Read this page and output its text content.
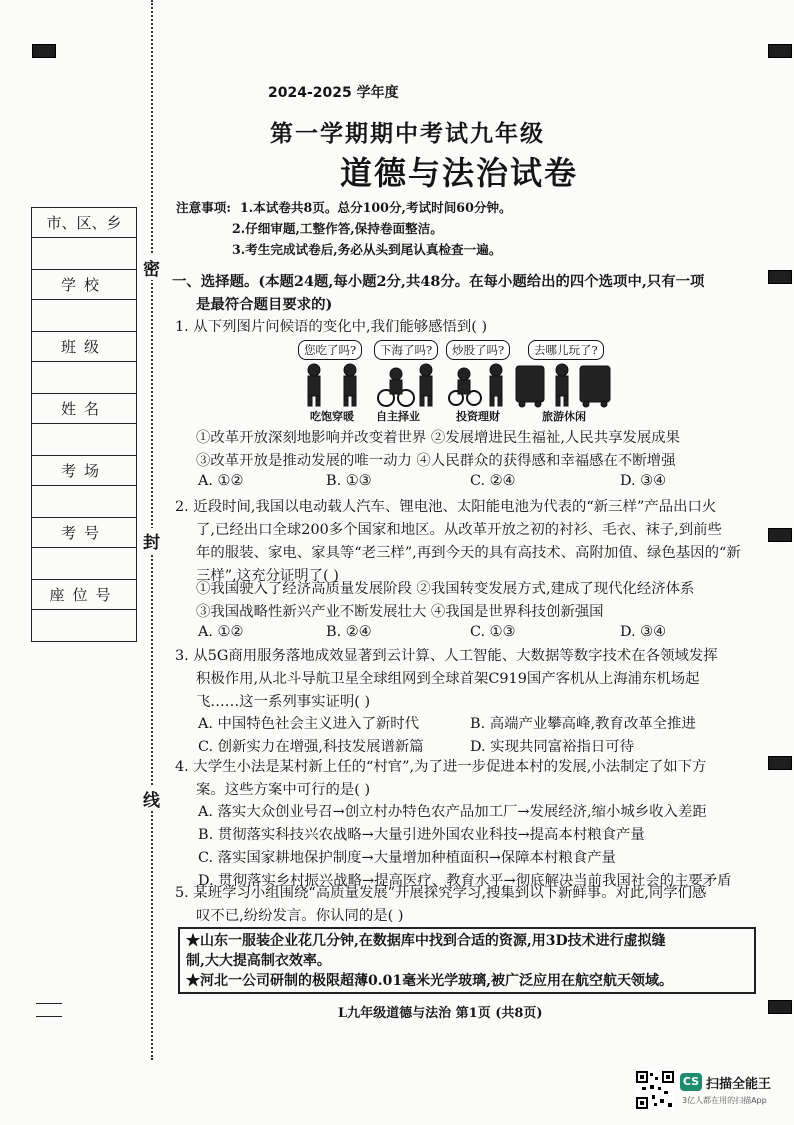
密
封
线
市、区、乡

学校

班级

姓名

考场

考号

座位号

2024-2025 学年度
第一学期期中考试九年级
道德与法治试卷
注意事项: 1.本试卷共8页。总分100分,考试时间60分钟。
2.仔细审题,工整作答,保持卷面整洁。
3.考生完成试卷后,务必从头到尾认真检查一遍。
一、选择题。(本题24题,每小题2分,共48分。在每小题给出的四个选项中,只有一项
是最符合题目要求的)
1. 从下列图片问候语的变化中,我们能够感悟到( )
您吃了吗?	下海了吗?	炒股了吗?	去哪儿玩了?
吃饱穿暖 自主择业	投资理财	旅游休闲
①改革开放深刻地影响并改变着世界 ②发展增进民生福祉,人民共享发展成果
③改革开放是推动发展的唯一动力 ④人民群众的获得感和幸福感在不断增强
A. ①②	B. ①③	C. ②④	D. ③④
2. 近段时间,我国以电动载人汽车、锂电池、太阳能电池为代表的“新三样”产品出口火
了,已经出口全球200多个国家和地区。从改革开放之初的衬衫、毛衣、袜子,到前些
年的服装、家电、家具等“老三样”,再到今天的具有高技术、高附加值、绿色基因的“新
三样”,这充分证明了( )
①我国驶入了经济高质量发展阶段 ②我国转变发展方式,建成了现代化经济体系
③我国战略性新兴产业不断发展壮大 ④我国是世界科技创新强国
A. ①②	B. ②④	C. ①③	D. ③④
3. 从5G商用服务落地成效显著到云计算、人工智能、大数据等数字技术在各领域发挥
积极作用,从北斗导航卫星全球组网到全球首架C919国产客机从上海浦东机场起
飞……这一系列事实证明( )
A. 中国特色社会主义进入了新时代	B. 高端产业攀高峰,教育改革全推进
C. 创新实力在增强,科技发展谱新篇	D. 实现共同富裕指日可待
4. 大学生小法是某村新上任的“村官”,为了进一步促进本村的发展,小法制定了如下方
案。这些方案中可行的是( )
A. 落实大众创业号召→创立村办特色农产品加工厂→发展经济,缩小城乡收入差距
B. 贯彻落实科技兴农战略→大量引进外国农业科技→提高本村粮食产量
C. 落实国家耕地保护制度→大量增加种植面积→保障本村粮食产量
D. 贯彻落实乡村振兴战略→提高医疗、教育水平→彻底解决当前我国社会的主要矛盾
5. 某班学习小组围绕“高质量发展”开展探究学习,搜集到以下新鲜事。对此,同学们感
叹不已,纷纷发言。你认同的是( )
★山东一服装企业花几分钟,在数据库中找到合适的资源,用3D技术进行虚拟缝
制,大大提高制衣效率。
★河北一公司研制的极限超薄0.01毫米光学玻璃,被广泛应用在航空航天领域。
L九年级道德与法治 第1页 (共8页)
CS 扫描全能王
3亿人都在用的扫描App
